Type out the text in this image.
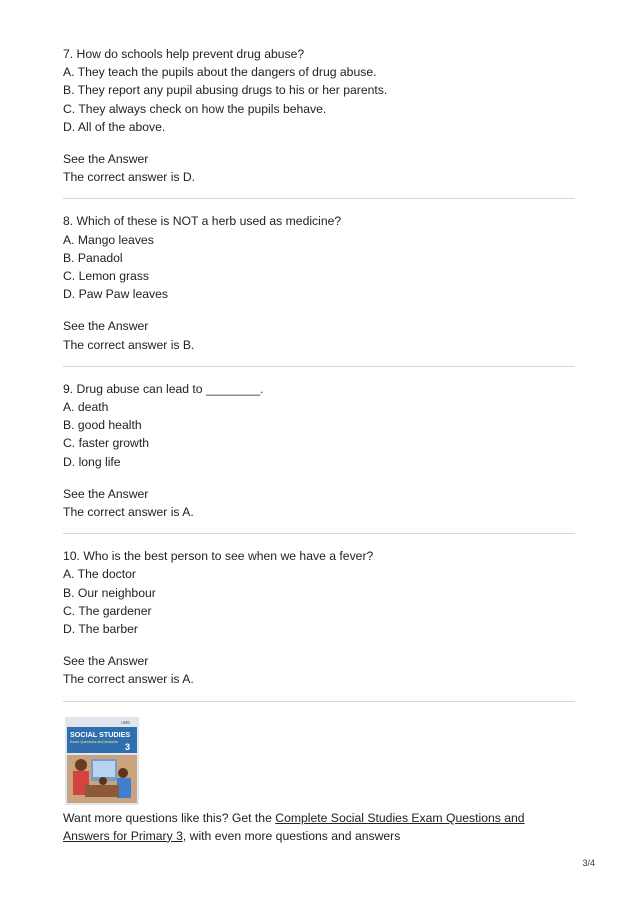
7. How do schools help prevent drug abuse?
A. They teach the pupils about the dangers of drug abuse.
B. They report any pupil abusing drugs to his or her parents.
C. They always check on how the pupils behave.
D. All of the above.
See the Answer
The correct answer is D.
8. Which of these is NOT a herb used as medicine?
A. Mango leaves
B. Panadol
C. Lemon grass
D. Paw Paw leaves
See the Answer
The correct answer is B.
9. Drug abuse can lead to ________.
A. death
B. good health
C. faster growth
D. long life
See the Answer
The correct answer is A.
10. Who is the best person to see when we have a fever?
A. The doctor
B. Our neighbour
C. The gardener
D. The barber
See the Answer
The correct answer is A.
UBE
SOCIAL STUDIES
Exam Questions and Answers 3
Want more questions like this? Get the Complete Social Studies Exam Questions and Answers for Primary 3, with even more questions and answers
3/4
